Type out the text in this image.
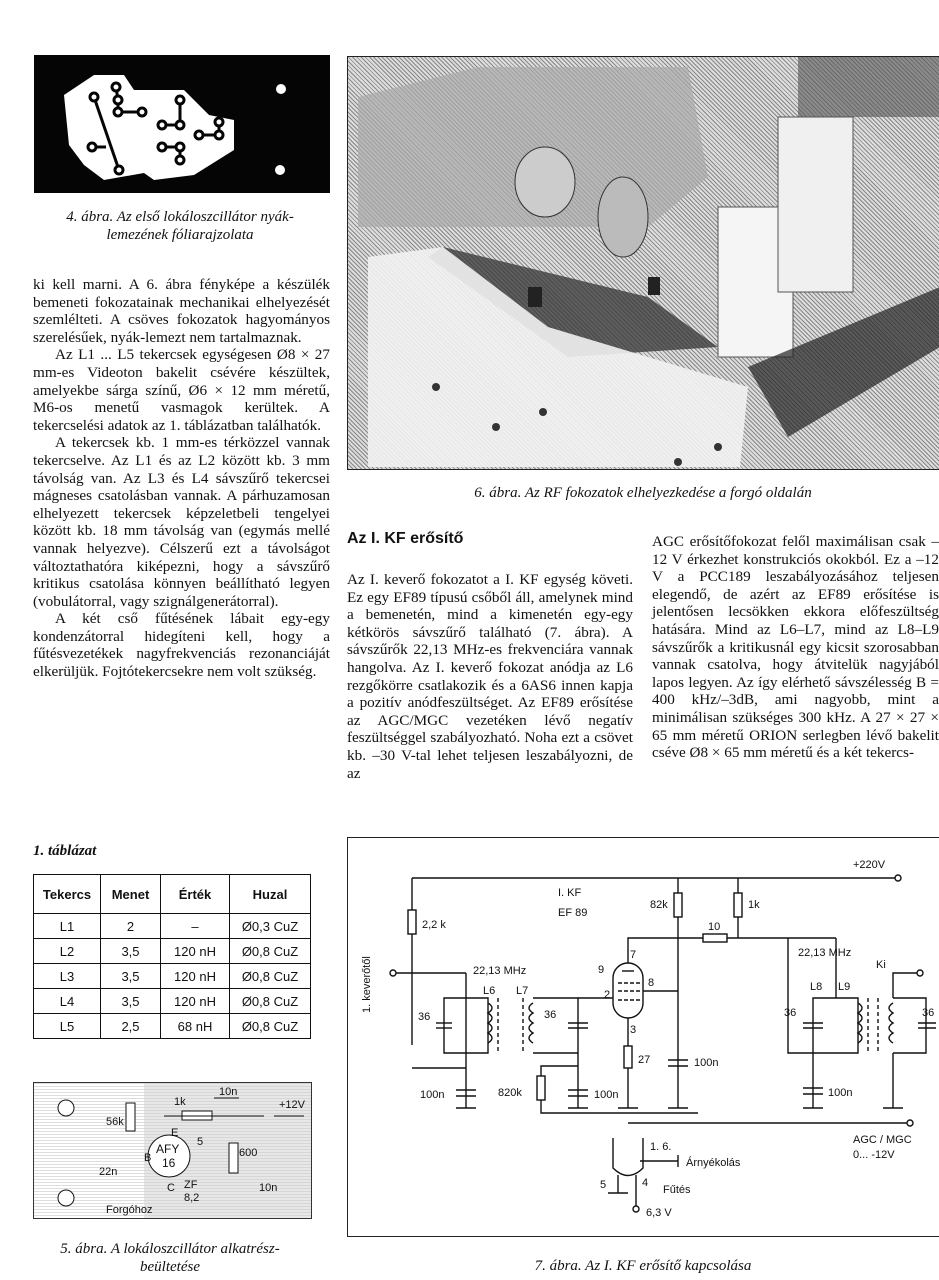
4. ábra. Az első lokáloszcillátor nyák-
lemezének fóliarajzolata

ki kell marni. A 6. ábra fényképe a készülék bemeneti fokozatainak mechanikai elhelyezését szemlélteti. A csöves fokozatok hagyományos szerelésűek, nyák-lemezt nem tartalmaznak.

Az L1 ... L5 tekercsek egységesen Ø8 × 27 mm-es Videoton bakelit csévére készültek, amelyekbe sárga színű, Ø6 × 12 mm méretű, M6-os menetű vasmagok kerültek. A tekercselési adatok az 1. táblázatban találhatók.

A tekercsek kb. 1 mm-es térközzel vannak tekercselve. Az L1 és az L2 között kb. 3 mm távolság van. Az L3 és L4 sávszűrő tekercsei mágneses csatolásban vannak. A párhuzamosan elhelyezett tekercsek képzeletbeli tengelyei között kb. 18 mm távolság van (egymás mellé vannak helyezve). Célszerű ezt a távolságot változtathatóra kiképezni, hogy a sávszűrő kritikus csatolása könnyen beállítható legyen (vobulátorral, vagy szignálgenerátorral).

A két cső fűtésének lábait egy-egy kondenzátorral hidegíteni kell, hogy a fűtésvezetékek nagyfrekvenciás rezonanciáját elkerüljük. Fojtótekercsekre nem volt szükség.

1. táblázat
Tekercs	Menet	Érték	Huzal
L1	2	–	Ø0,3 CuZ
L2	3,5	120 nH	Ø0,8 CuZ
L3	3,5	120 nH	Ø0,8 CuZ
L4	3,5	120 nH	Ø0,8 CuZ
L5	2,5	68 nH	Ø0,8 CuZ
56k
1k
10n
+12V
AFY
16
E
B
C
5
600
22n
ZF
8,2
10n
Forgóhoz
5. ábra. A lokáloszcillátor alkatrész-
beültetése
6. ábra. Az RF fokozatok elhelyezkedése a forgó oldalán
Az I. KF erősítő
Az I. keverő fokozatot a I. KF egység követi. Ez egy EF89 típusú csőből áll, amelynek mind a bemenetén, mind a kimenetén egy-egy kétkörös sávszűrő található (7. ábra). A sávszűrők 22,13 MHz-es frekvenciára vannak hangolva. Az I. keverő fokozat anódja az L6 rezgőkörre csatlakozik és a 6AS6 innen kapja a pozitív anódfeszültséget. Az EF89 erősítése az AGC/MGC vezetéken lévő negatív feszültséggel szabályozható. Noha ezt a csövet kb. –30 V-tal lehet teljesen leszabályozni, de az
AGC erősítőfokozat felől maximálisan csak –12 V érkezhet konstrukciós okokból. Ez a –12 V a PCC189 leszabályozásához teljesen elegendő, de azért az EF89 erősítése is jelentősen lecsökken ekkora előfeszültség hatására. Mind az L6–L7, mind az L8–L9 sávszűrők a kritikusnál egy kicsit szorosabban vannak csatolva, hogy átvitelük nagyjából lapos legyen. Az így elérhető sávszélesség B = 400 kHz/–3dB, ami nagyobb, mint a minimálisan szükséges 300 kHz. A 27 × 27 × 65 mm méretű ORION serlegben lévő bakelit cséve Ø8 × 65 mm méretű és a két tekercs-
+220V
I. KF
EF 89
2,2 k
1. keverőtől	22,13 MHz
L6 L7
36
100n
36
100n
820k
7
9
2
8
3
27
82k
10
100n
1k
22,13 MHz
L8 L9
Ki
36
100n
36
AGC / MGC
0... -12V
1. 6.
Árnyékolás
5	4
Fűtés
6,3 V
7. ábra. Az I. KF erősítő kapcsolása
